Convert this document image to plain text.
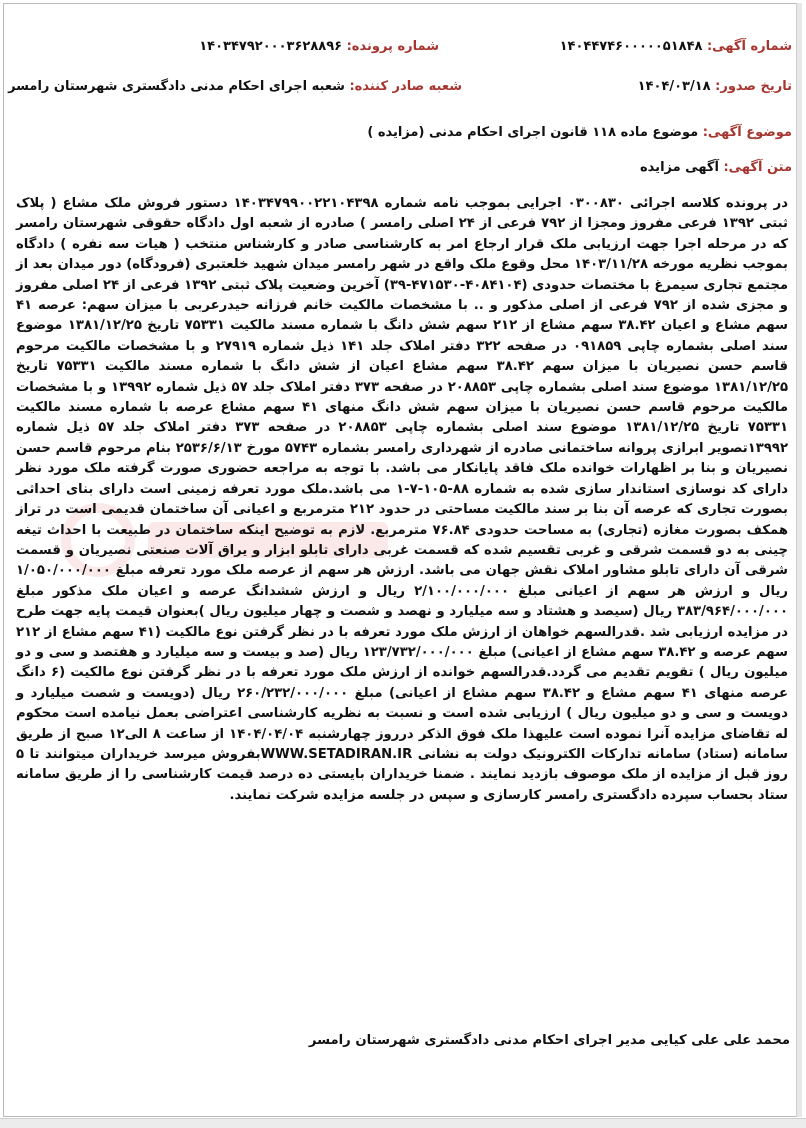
شماره آگهی: ۱۴۰۴۴۷۴۶۰۰۰۰۰۵۱۸۴۸
شماره پرونده: ۱۴۰۳۴۷۹۲۰۰۰۳۶۲۸۸۹۶
تاریخ صدور: ۱۴۰۴/۰۳/۱۸
شعبه صادر کننده: شعبه اجرای احکام مدنی دادگستری شهرستان رامسر
موضوع آگهی: موضوع ماده ۱۱۸ قانون اجرای احکام مدنی (مزایده )
متن آگهی: آگهی مزایده

در پرونده کلاسه اجرائی ۰۳۰۰۸۳۰ اجرایی بموجب نامه شماره ۱۴۰۳۴۷۹۹۰۰۲۲۱۰۴۳۹۸ دستور فروش ملک مشاع ( پلاک ثبتی ۱۳۹۲ فرعی مفروز ومجزا از ۷۹۲ فرعی از ۲۴ اصلی رامسر ) صادره از شعبه اول دادگاه حقوقی شهرستان رامسر که در مرحله اجرا جهت ارزیابی ملک قرار ارجاع امر به کارشناسی صادر و کارشناس منتخب ( هیات سه نفره ) دادگاه بموجب نظریه مورخه ۱۴۰۳/۱۱/۲۸ محل وقوع ملک واقع در شهر رامسر میدان شهید خلعتبری (فرودگاه) دور میدان بعد از مجتمع تجاری سیمرغ با مختصات حدودی (۴۰۸۴۱۰۴-۴۷۱۵۳۰-۳۹) آخرین وضعیت پلاک ثبتی ۱۳۹۲ فرعی از ۲۴ اصلی مفروز و مجزی شده از ۷۹۲ فرعی از اصلی مذکور و .. با مشخصات مالکیت خانم فرزانه حیدرعربی با میزان سهم: عرصه ۴۱ سهم مشاع و اعیان ۳۸.۴۲ سهم مشاع از ۲۱۲ سهم شش دانگ با شماره مسند مالکیت ۷۵۳۳۱ تاریخ ۱۳۸۱/۱۲/۲۵ موضوع سند اصلی بشماره چاپی ۰۹۱۸۵۹ در صفحه ۳۲۲ دفتر املاک جلد ۱۴۱ ذیل شماره ۲۷۹۱۹ و با مشخصات مالکیت مرحوم قاسم حسن نصیریان با میزان سهم ۳۸.۴۲ سهم مشاع اعیان از شش دانگ با شماره مسند مالکیت ۷۵۳۳۱ تاریخ ۱۳۸۱/۱۲/۲۵ موضوع سند اصلی بشماره چاپی ۲۰۸۸۵۳ در صفحه ۳۷۳ دفتر املاک جلد ۵۷ ذیل شماره ۱۳۹۹۲ و با مشخصات مالکیت مرحوم قاسم حسن نصیریان با میزان سهم شش دانگ منهای ۴۱ سهم مشاع عرصه با شماره مسند مالکیت ۷۵۳۳۱ تاریخ ۱۳۸۱/۱۲/۲۵ موضوع سند اصلی بشماره چاپی ۲۰۸۸۵۳ در صفحه ۳۷۳ دفتر املاک جلد ۵۷ ذیل شماره ۱۳۹۹۲تصویر ابرازی پروانه ساختمانی صادره از شهرداری رامسر بشماره ۵۷۴۳ مورخ ۲۵۳۶/۶/۱۳ بنام مرحوم قاسم حسن نصیریان و بنا بر اظهارات خوانده ملک فاقد پایانکار می باشد. با توجه به مراجعه حضوری صورت گرفته ملک مورد نظر دارای کد نوسازی استاندار سازی شده به شماره ۸۸-۱۰۵-۷-۱ می باشد.ملک مورد تعرفه زمینی است دارای بنای احداثی بصورت تجاری که عرصه آن بنا بر سند مالکیت مساحتی در حدود ۲۱۲ مترمربع و اعیانی آن ساختمان قدیمی است در تراز همکف بصورت مغازه (تجاری) به مساحت حدودی ۷۶.۸۴ مترمربع. لازم به توضیح اینکه ساختمان در طبیعت با احداث تیغه چینی به دو قسمت شرقی و غربی تقسیم شده که قسمت غربی دارای تابلو ابزار و یراق آلات صنعتی نصیریان و قسمت شرقی آن دارای تابلو مشاور املاک نقش جهان می باشد. ارزش هر سهم از عرصه ملک مورد تعرفه مبلغ ۱/۰۵۰/۰۰۰/۰۰۰ ریال و ارزش هر سهم از اعیانی مبلغ ۲/۱۰۰/۰۰۰/۰۰۰ ریال و ارزش ششدانگ عرصه و اعیان ملک مذکور مبلغ ۳۸۳/۹۶۴/۰۰۰/۰۰۰ ریال (سیصد و هشتاد و سه میلیارد و نهصد و شصت و چهار میلیون ریال )بعنوان قیمت پایه جهت طرح در مزایده ارزیابی شد .قدرالسهم خواهان از ارزش ملک مورد تعرفه با در نظر گرفتن نوع مالکیت (۴۱ سهم مشاع از ۲۱۲ سهم عرصه و ۳۸.۴۲ سهم مشاع از اعیانی) مبلغ ۱۲۳/۷۳۲/۰۰۰/۰۰۰ ریال (صد و بیست و سه میلیارد و هفتصد و سی و دو میلیون ریال ) تقویم تقدیم می گردد.قدرالسهم خوانده از ارزش ملک مورد تعرفه با در نظر گرفتن نوع مالکیت (۶ دانگ عرصه منهای ۴۱ سهم مشاع و ۳۸.۴۲ سهم مشاع از اعیانی) مبلغ ۲۶۰/۲۳۲/۰۰۰/۰۰۰ ریال (دویست و شصت میلیارد و دویست و سی و دو میلیون ریال ) ارزیابی شده است و نسبت به نظریه کارشناسی اعتراضی بعمل نیامده است محکوم له تقاضای مزایده آنرا نموده است علیهذا ملک فوق الذکر درروز چهارشنبه ۱۴۰۴/۰۴/۰۴ از ساعت ۸ الی۱۲ صبح از طریق سامانه (ستاد) سامانه تدارکات الکترونیک دولت به نشانی WWW.SETADIRAN.IRبفروش میرسد خریداران میتوانند تا ۵ روز قبل از مزایده از ملک موصوف بازدید نمایند . ضمنا خریداران بایستی ده درصد قیمت کارشناسی را از طریق سامانه ستاد بحساب سپرده دادگستری رامسر کارسازی و سپس در جلسه مزایده شرکت نمایند.

محمد علی علی کیایی مدیر اجرای احکام مدنی دادگستری شهرستان رامسر
